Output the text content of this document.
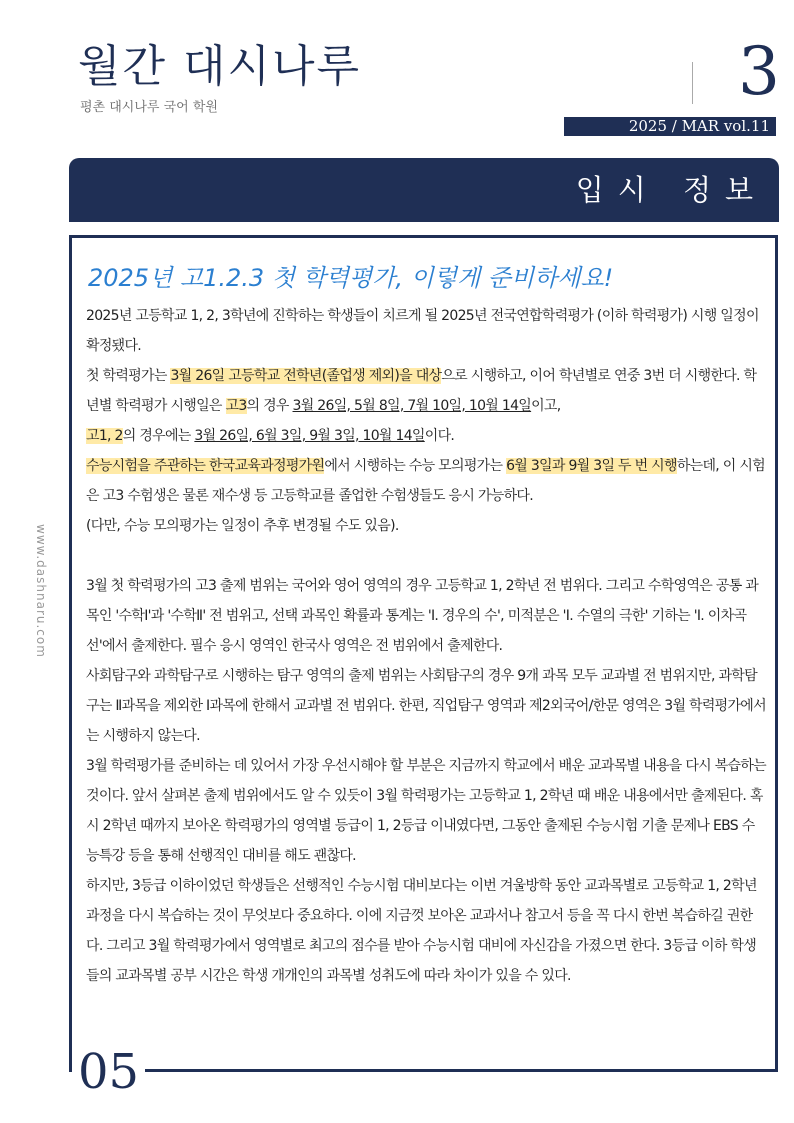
월간 대시나루
평촌 대시나루 국어 학원	3
2025 / MAR vol.11
입시 정보
www.dashnaru.com
2025년 고1.2.3 첫 학력평가, 이렇게 준비하세요!

2025년 고등학교 1, 2, 3학년에 진학하는 학생들이 치르게 될 2025년 전국연합학력평가 (이하 학력평가) 시행 일정이 확정됐다.

첫 학력평가는 3월 26일 고등학교 전학년(졸업생 제외)을 대상으로 시행하고, 이어 학년별로 연중 3번 더 시행한다. 학년별 학력평가 시행일은 고3의 경우 3월 26일, 5월 8일, 7월 10일, 10월 14일이고,
고1, 2의 경우에는 3월 26일, 6월 3일, 9월 3일, 10월 14일이다.

수능시험을 주관하는 한국교육과정평가원에서 시행하는 수능 모의평가는 6월 3일과 9월 3일 두 번 시행하는데, 이 시험은 고3 수험생은 물론 재수생 등 고등학교를 졸업한 수험생들도 응시 가능하다.

(다만, 수능 모의평가는 일정이 추후 변경될 수도 있음).

3월 첫 학력평가의 고3 출제 범위는 국어와 영어 영역의 경우 고등학교 1, 2학년 전 범위다. 그리고 수학영역은 공통 과목인 '수학Ⅰ'과 '수학Ⅱ' 전 범위고, 선택 과목인 확률과 통계는 'Ⅰ. 경우의 수', 미적분은 'Ⅰ. 수열의 극한' 기하는 'Ⅰ. 이차곡선'에서 출제한다. 필수 응시 영역인 한국사 영역은 전 범위에서 출제한다.

사회탐구와 과학탐구로 시행하는 탐구 영역의 출제 범위는 사회탐구의 경우 9개 과목 모두 교과별 전 범위지만, 과학탐구는 Ⅱ과목을 제외한 Ⅰ과목에 한해서 교과별 전 범위다. 한편, 직업탐구 영역과 제2외국어/한문 영역은 3월 학력평가에서는 시행하지 않는다.

3월 학력평가를 준비하는 데 있어서 가장 우선시해야 할 부분은 지금까지 학교에서 배운 교과목별 내용을 다시 복습하는 것이다. 앞서 살펴본 출제 범위에서도 알 수 있듯이 3월 학력평가는 고등학교 1, 2학년 때 배운 내용에서만 출제된다. 혹시 2학년 때까지 보아온 학력평가의 영역별 등급이 1, 2등급 이내였다면, 그동안 출제된 수능시험 기출 문제나 EBS 수능특강 등을 통해 선행적인 대비를 해도 괜찮다.

하지만, 3등급 이하이었던 학생들은 선행적인 수능시험 대비보다는 이번 겨울방학 동안 교과목별로 고등학교 1, 2학년 과정을 다시 복습하는 것이 무엇보다 중요하다. 이에 지금껏 보아온 교과서나 참고서 등을 꼭 다시 한번 복습하길 권한다. 그리고 3월 학력평가에서 영역별로 최고의 점수를 받아 수능시험 대비에 자신감을 가졌으면 한다. 3등급 이하 학생들의 교과목별 공부 시간은 학생 개개인의 과목별 성취도에 따라 차이가 있을 수 있다.

05
